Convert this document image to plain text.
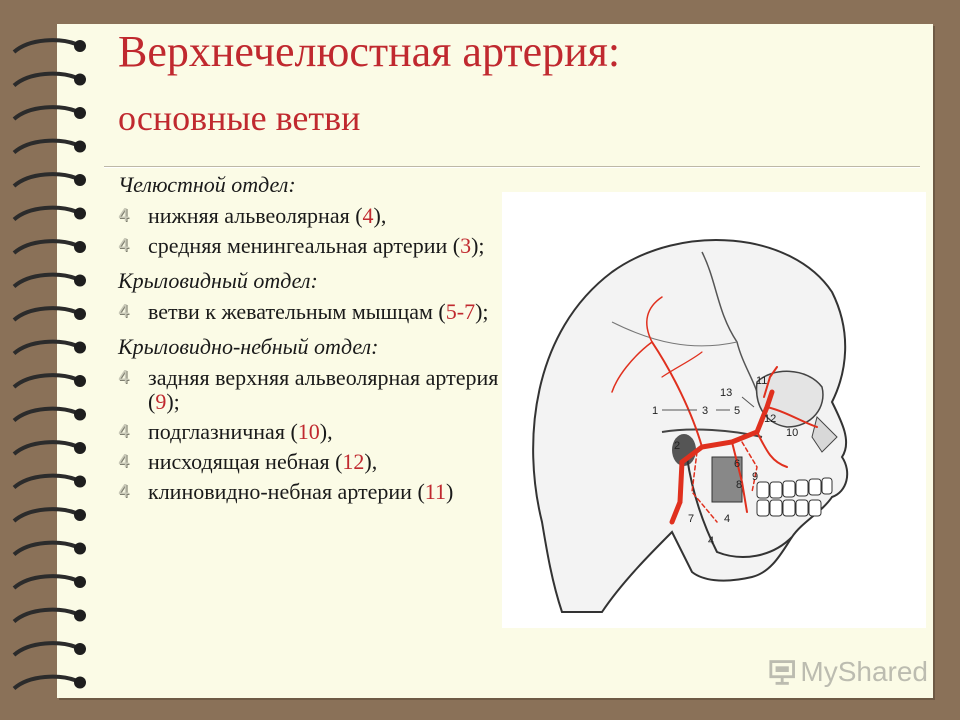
Верхнечелюстная артерия:
основные ветви
Челюстной отдел:
4 нижняя альвеолярная (4),
4 средняя менингеальная артерии (3);
Крыловидный отдел:
4 ветви к жевательным мышцам (5-7);
Крыловидно-небный отдел:
4 задняя верхняя альвеолярная артерия (9);
4 подглазничная (10),
4 нисходящая небная (12),
4 клиновидно-небная артерии (11)
1
2
3
4
5
6
7
8
9
10
11
12
13
4
MyShared
